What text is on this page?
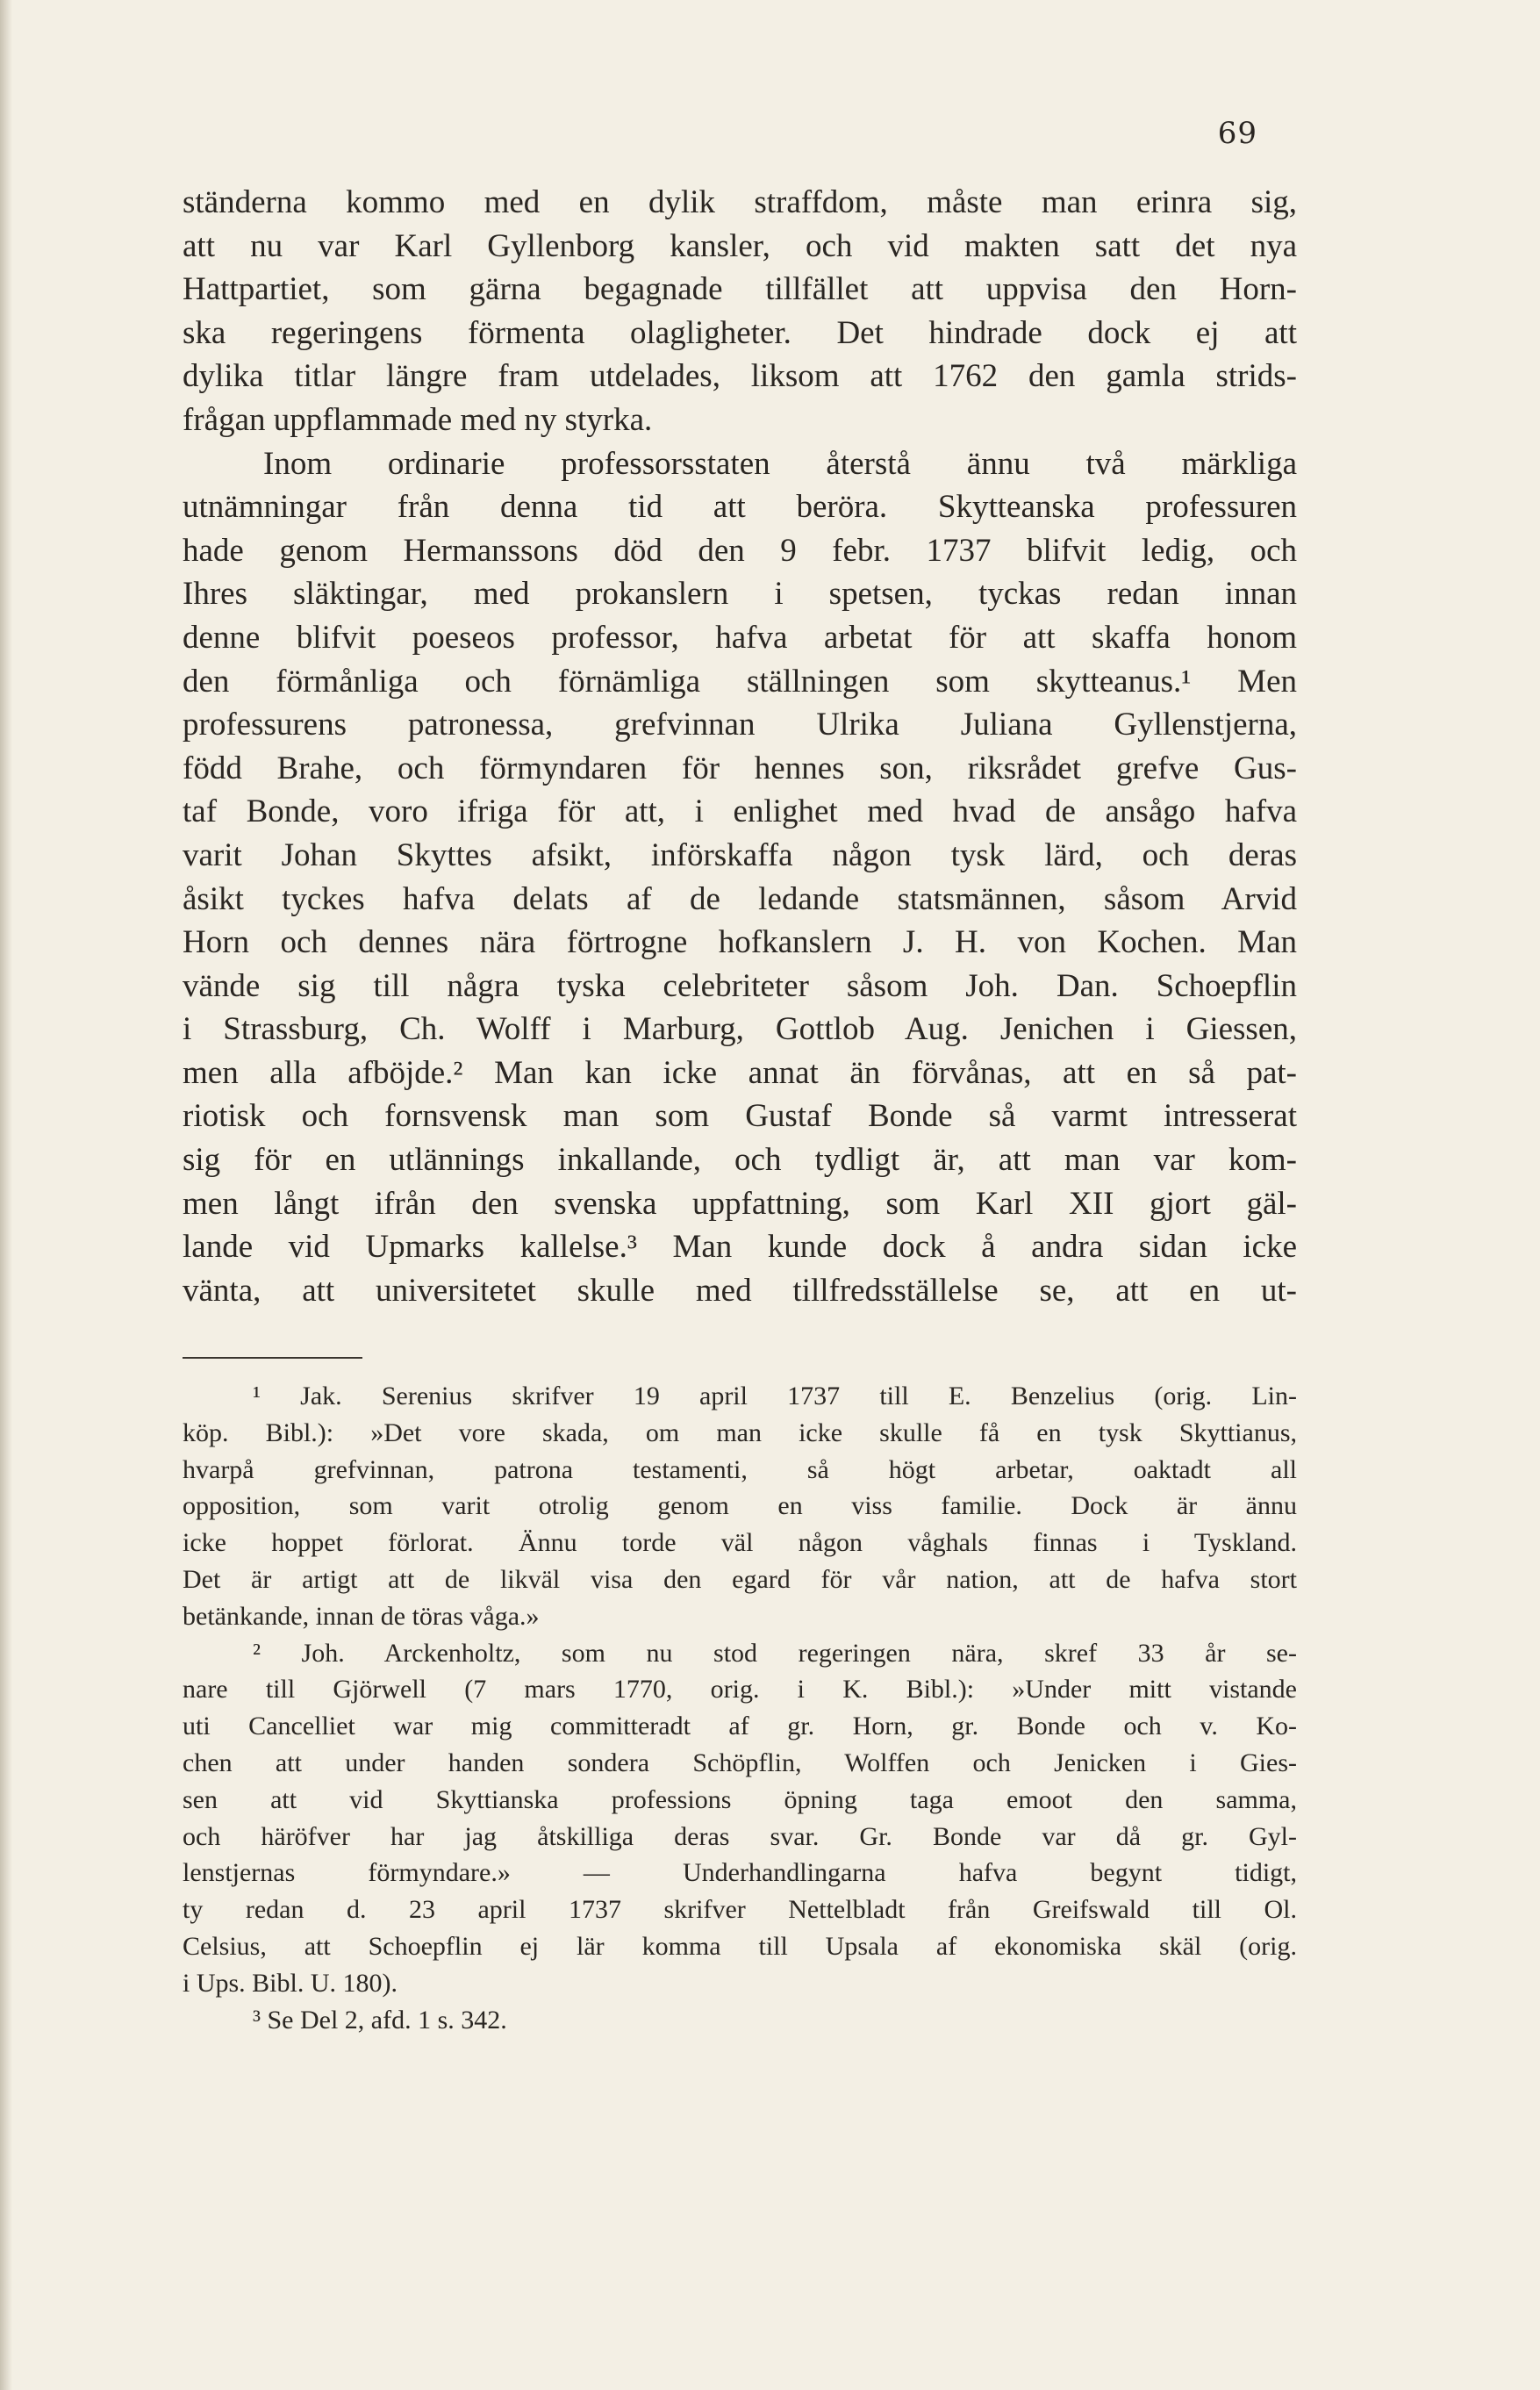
69
ständerna kommo med en dylik straffdom, måste man erinra sig,
att nu var Karl Gyllenborg kansler, och vid makten satt det nya
Hattpartiet, som gärna begagnade tillfället att uppvisa den Horn-
ska regeringens förmenta olagligheter. Det hindrade dock ej att
dylika titlar längre fram utdelades, liksom att 1762 den gamla strids-
frågan uppflammade med ny styrka.
Inom ordinarie professorsstaten återstå ännu två märkliga
utnämningar från denna tid att beröra. Skytteanska professuren
hade genom Hermanssons död den 9 febr. 1737 blifvit ledig, och
Ihres släktingar, med prokanslern i spetsen, tyckas redan innan
denne blifvit poeseos professor, hafva arbetat för att skaffa honom
den förmånliga och förnämliga ställningen som skytteanus.¹ Men
professurens patronessa, grefvinnan Ulrika Juliana Gyllenstjerna,
född Brahe, och förmyndaren för hennes son, riksrådet grefve Gus-
taf Bonde, voro ifriga för att, i enlighet med hvad de ansågo hafva
varit Johan Skyttes afsikt, införskaffa någon tysk lärd, och deras
åsikt tyckes hafva delats af de ledande statsmännen, såsom Arvid
Horn och dennes nära förtrogne hofkanslern J. H. von Kochen. Man
vände sig till några tyska celebriteter såsom Joh. Dan. Schoepflin
i Strassburg, Ch. Wolff i Marburg, Gottlob Aug. Jenichen i Giessen,
men alla afböjde.² Man kan icke annat än förvånas, att en så pat-
riotisk och fornsvensk man som Gustaf Bonde så varmt intresserat
sig för en utlännings inkallande, och tydligt är, att man var kom-
men långt ifrån den svenska uppfattning, som Karl XII gjort gäl-
lande vid Upmarks kallelse.³ Man kunde dock å andra sidan icke
vänta, att universitetet skulle med tillfredsställelse se, att en ut-
¹ Jak. Serenius skrifver 19 april 1737 till E. Benzelius (orig. Lin-
köp. Bibl.): »Det vore skada, om man icke skulle få en tysk Skyttianus,
hvarpå grefvinnan, patrona testamenti, så högt arbetar, oaktadt all
opposition, som varit otrolig genom en viss familie. Dock är ännu
icke hoppet förlorat. Ännu torde väl någon våghals finnas i Tyskland.
Det är artigt att de likväl visa den egard för vår nation, att de hafva stort
betänkande, innan de töras våga.»
² Joh. Arckenholtz, som nu stod regeringen nära, skref 33 år se-
nare till Gjörwell (7 mars 1770, orig. i K. Bibl.): »Under mitt vistande
uti Cancelliet war mig committeradt af gr. Horn, gr. Bonde och v. Ko-
chen att under handen sondera Schöpflin, Wolffen och Jenicken i Gies-
sen att vid Skyttianska professions öpning taga emoot den samma,
och häröfver har jag åtskilliga deras svar. Gr. Bonde var då gr. Gyl-
lenstjernas förmyndare.» — Underhandlingarna hafva begynt tidigt,
ty redan d. 23 april 1737 skrifver Nettelbladt från Greifswald till Ol.
Celsius, att Schoepflin ej lär komma till Upsala af ekonomiska skäl (orig.
i Ups. Bibl. U. 180).
³ Se Del 2, afd. 1 s. 342.
